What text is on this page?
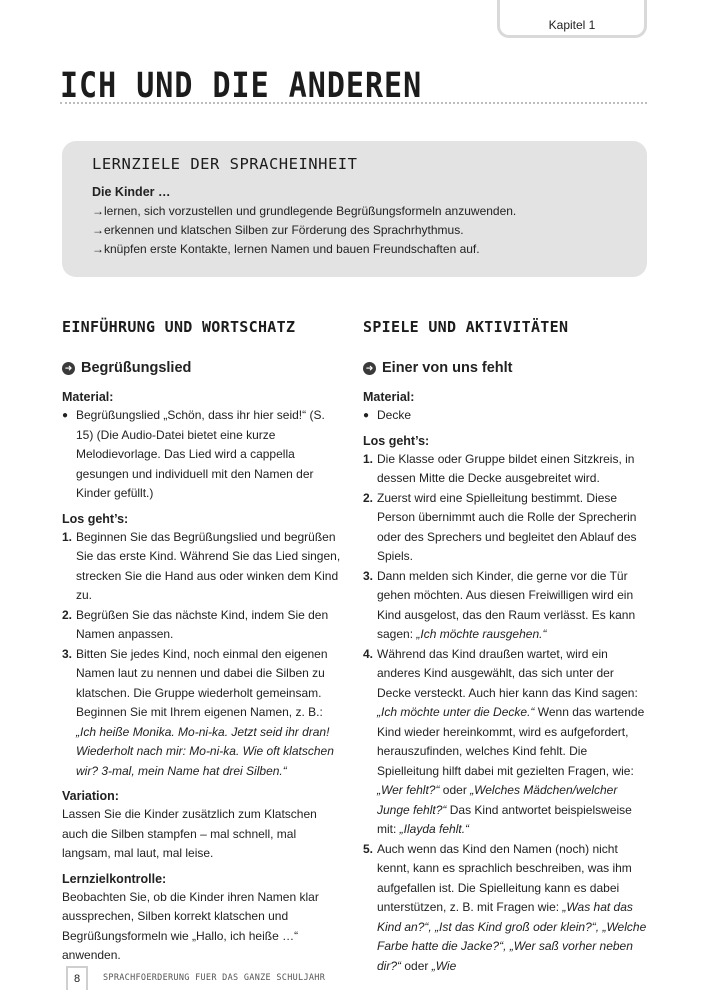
Kapitel 1
ICH UND DIE ANDEREN
LERNZIELE DER SPRACHEINHEIT
Die Kinder …
→lernen, sich vorzustellen und grundlegende Begrüßungsformeln anzuwenden.
→erkennen und klatschen Silben zur Förderung des Sprachrhythmus.
→knüpfen erste Kontakte, lernen Namen und bauen Freundschaften auf.
EINFÜHRUNG UND WORTSCHATZ
➜ Begrüßungslied
Material:
● Begrüßungslied „Schön, dass ihr hier seid!“ (S. 15) (Die Audio-Datei bietet eine kurze Melodievorlage. Das Lied wird a cappella gesungen und individuell mit den Namen der Kinder gefüllt.)
Los geht’s:
1. Beginnen Sie das Begrüßungslied und begrüßen Sie das erste Kind. Während Sie das Lied singen, strecken Sie die Hand aus oder winken dem Kind zu.
2. Begrüßen Sie das nächste Kind, indem Sie den Namen anpassen.
3. Bitten Sie jedes Kind, noch einmal den eigenen Namen laut zu nennen und dabei die Silben zu klatschen. Die Gruppe wiederholt gemeinsam. Beginnen Sie mit Ihrem eigenen Namen, z. B.: „Ich heiße Monika. Mo-ni-ka. Jetzt seid ihr dran! Wiederholt nach mir: Mo-ni-ka. Wie oft klatschen wir? 3-mal, mein Name hat drei Silben.“
Variation:
Lassen Sie die Kinder zusätzlich zum Klatschen auch die Silben stampfen – mal schnell, mal langsam, mal laut, mal leise.
Lernzielkontrolle:
Beobachten Sie, ob die Kinder ihren Namen klar aussprechen, Silben korrekt klatschen und Begrüßungsformeln wie „Hallo, ich heiße …“ anwenden.
SPIELE UND AKTIVITÄTEN
➜ Einer von uns fehlt
Material:
● Decke
Los geht’s:
1. Die Klasse oder Gruppe bildet einen Sitzkreis, in dessen Mitte die Decke ausgebreitet wird.
2. Zuerst wird eine Spielleitung bestimmt. Diese Person übernimmt auch die Rolle der Sprecherin oder des Sprechers und begleitet den Ablauf des Spiels.
3. Dann melden sich Kinder, die gerne vor die Tür gehen möchten. Aus diesen Freiwilligen wird ein Kind ausgelost, das den Raum verlässt. Es kann sagen: „Ich möchte rausgehen.“
4. Während das Kind draußen wartet, wird ein anderes Kind ausgewählt, das sich unter der Decke versteckt. Auch hier kann das Kind sagen: „Ich möchte unter die Decke.“ Wenn das wartende Kind wieder hereinkommt, wird es aufgefordert, herauszufinden, welches Kind fehlt. Die Spielleitung hilft dabei mit gezielten Fragen, wie: „Wer fehlt?“ oder „Welches Mädchen/welcher Junge fehlt?“ Das Kind antwortet beispielsweise mit: „Ilayda fehlt.“
5. Auch wenn das Kind den Namen (noch) nicht kennt, kann es sprachlich beschreiben, was ihm aufgefallen ist. Die Spielleitung kann es dabei unterstützen, z. B. mit Fragen wie: „Was hat das Kind an?“, „Ist das Kind groß oder klein?“, „Welche Farbe hatte die Jacke?“, „Wer saß vorher neben dir?“ oder „Wie
8	SPRACHFOERDERUNG FUER DAS GANZE SCHULJAHR
